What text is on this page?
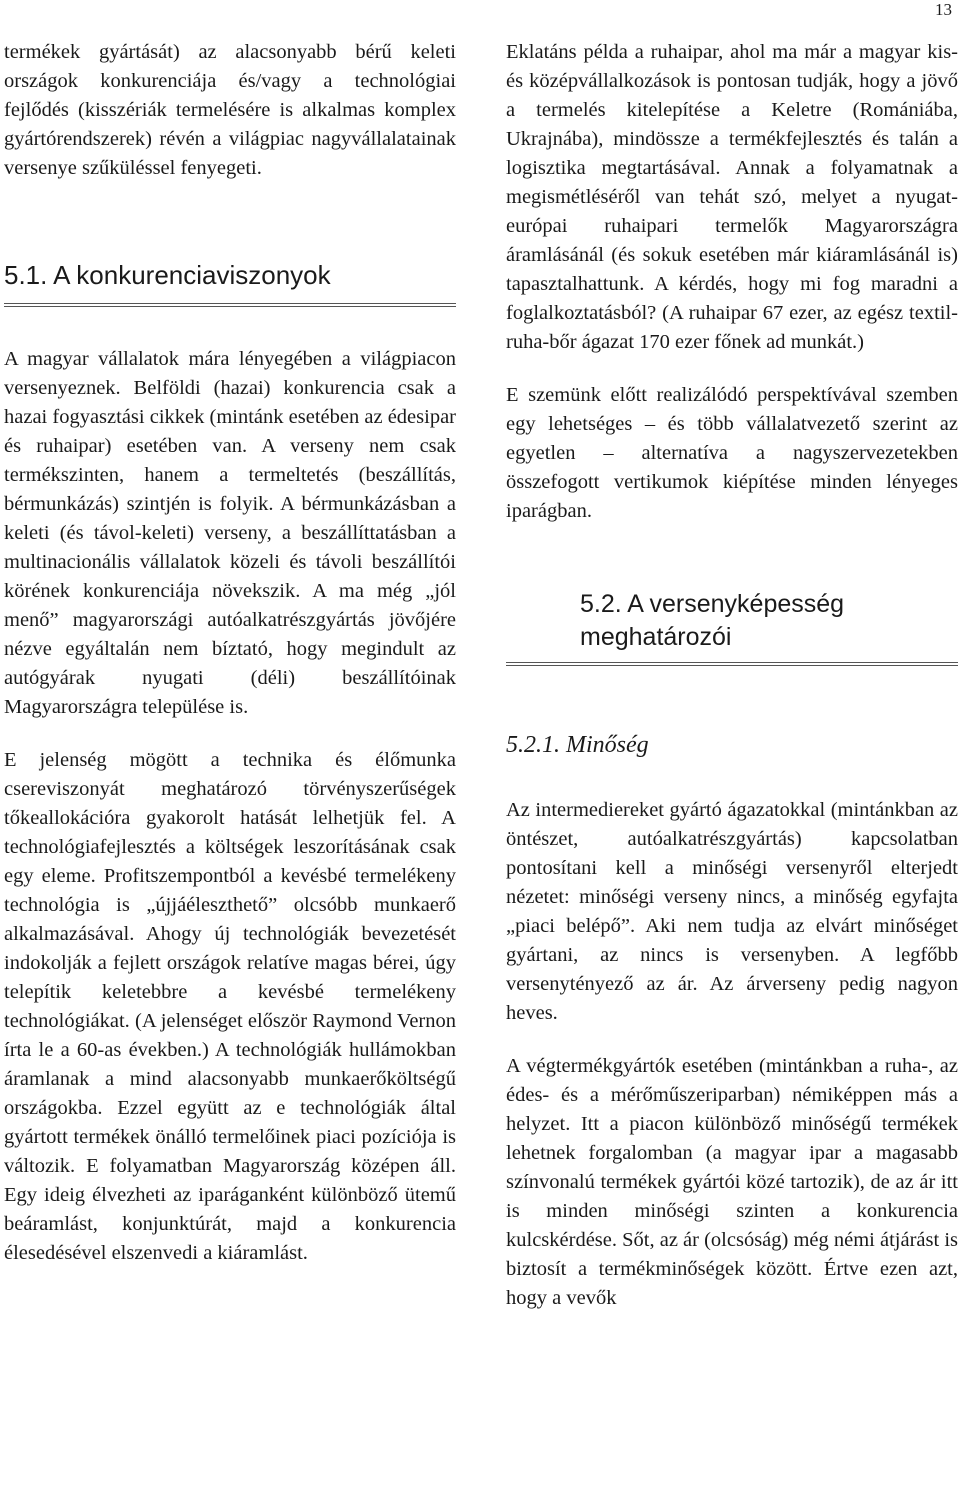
13

termékek gyártását) az alacsonyabb bérű keleti országok konkurenciája és/vagy a technológiai fejlődés (kisszériák termelésére is alkalmas komplex gyártórendszerek) révén a világpiac nagyvállalatainak versenye szűküléssel fenyegeti.

5.1. A konkurenciaviszonyok

A magyar vállalatok mára lényegében a világpiacon versenyeznek. Belföldi (hazai) konkurencia csak a hazai fogyasztási cikkek (mintánk esetében az édesipar és ruhaipar) esetében van. A verseny nem csak termékszinten, hanem a termeltetés (beszállítás, bérmunkázás) szintjén is folyik. A bérmunkázásban a keleti (és távol-keleti) verseny, a beszállíttatásban a multinacionális vállalatok közeli és távoli beszállítói körének konkurenciája növekszik. A ma még „jól menő” magyarországi autóalkatrészgyártás jövőjére nézve egyáltalán nem bíztató, hogy megindult az autógyárak nyugati (déli) beszállítóinak Magyarországra települése is.

E jelenség mögött a technika és élőmunka csereviszonyát meghatározó törvényszerűségek tőkeallokációra gyakorolt hatását lelhetjük fel. A technológiafejlesztés a költségek leszorításának csak egy eleme. Profitszempontból a kevésbé termelékeny technológia is „újjáéleszthető” olcsóbb munkaerő alkalmazásával. Ahogy új technológiák bevezetését indokolják a fejlett országok relatíve magas bérei, úgy telepítik keletebbre a kevésbé termelékeny technológiákat. (A jelenséget először Raymond Vernon írta le a 60-as években.) A technológiák hullámokban áramlanak a mind alacsonyabb munkaerőköltségű országokba. Ezzel együtt az e technológiák által gyártott termékek önálló termelőinek piaci pozíciója is változik. E folyamatban Magyarország középen áll. Egy ideig élvezheti az iparáganként különböző ütemű beáramlást, konjunktúrát, majd a konkurencia élesedésével elszenvedi a kiáramlást.

Eklatáns példa a ruhaipar, ahol ma már a magyar kis- és középvállalkozások is pontosan tudják, hogy a jövő a termelés kitelepítése a Keletre (Romániába, Ukrajnába), mindössze a termékfejlesztés és talán a logisztika megtartásával. Annak a folyamatnak a megismétléséről van tehát szó, melyet a nyugat-európai ruhaipari termelők Magyarországra áramlásánál (és sokuk esetében már kiáramlásánál is) tapasztalhattunk. A kérdés, hogy mi fog maradni a foglalkoztatásból? (A ruhaipar 67 ezer, az egész textil-ruha-bőr ágazat 170 ezer főnek ad munkát.)

E szemünk előtt realizálódó perspektívával szemben egy lehetséges – és több vállalatvezető szerint az egyetlen – alternatíva a nagyszervezetekben összefogott vertikumok kiépítése minden lényeges iparágban.

5.2. A versenyképesség
meghatározói
5.2.1. Minőség

Az intermediereket gyártó ágazatokkal (mintánkban az öntészet, autóalkatrészgyártás) kapcsolatban pontosítani kell a minőségi versenyről elterjedt nézetet: minőségi verseny nincs, a minőség egyfajta „piaci belépő”. Aki nem tudja az elvárt minőséget gyártani, az nincs is versenyben. A legfőbb versenytényező az ár. Az árverseny pedig nagyon heves.

A végtermékgyártók esetében (mintánkban a ruha-, az édes- és a mérőműszeriparban) némiképpen más a helyzet. Itt a piacon különböző minőségű termékek lehetnek forgalomban (a magyar ipar a magasabb színvonalú termékek gyártói közé tartozik), de az ár itt is minden minőségi szinten a konkurencia kulcskérdése. Sőt, az ár (olcsóság) még némi átjárást is biztosít a termékminőségek között. Értve ezen azt, hogy a vevők
